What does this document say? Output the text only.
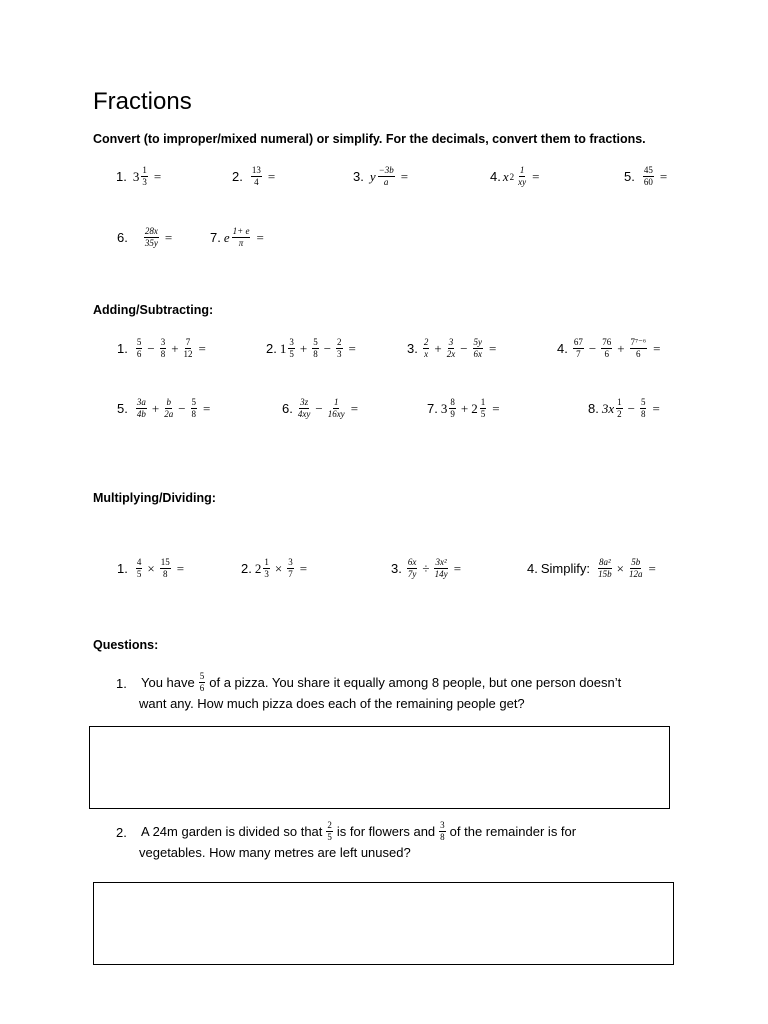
Fractions
Convert (to improper/mixed numeral) or simplify. For the decimals, convert them to fractions.
1. $3 \frac{1}{3}$ =	2. $\frac{13}{4}$ =	3. y $\frac{-3b}{a}$ =	4. x $2 \frac{1}{xy}$ =	5. $\frac{45}{60}$ =
6. $\frac{28x}{35y}$ =	7. e $\frac{1+ e}{\pi}$ =
Adding/Subtracting:
1. $\frac{5}{6} - \frac{3}{8} + \frac{7}{12}$ =	2. $1 \frac{3}{5} + \frac{5}{8} - \frac{2}{3}$ =	3. $\frac{2}{x} + \frac{3}{2x} - \frac{5y}{6x}$ =	4. $\frac{67}{7} - \frac{76}{6} + \frac{\text{7⁷⁻⁶}}{6}$ =
5. $\frac{3a}{4b} + \frac{b}{2a} - \frac{5}{8}$ =	6. $\frac{3z}{4xy} - \frac{1}{16xy}$ =	7. $3 \frac{8}{9} + 2 \frac{1}{5}$ =	8. $3x \frac{1}{2} - \frac{5}{8}$ =
Multiplying/Dividing:
1. $\frac{4}{5} \times \frac{15}{8}$ =	2. $2 \frac{1}{3} \times \frac{3}{7}$ =	3. $\frac{6x}{7y} \div \frac{\text{3x²}}{14y}$ =	4. Simplify: $\frac{\text{8a²}}{15b} \times \frac{5b}{12a}$ =
Questions:
1. You have $\frac{5}{6}$ of a pizza. You share it equally among 8 people, but one person doesn’t
want any. How much pizza does each of the remaining people get?
2. A 24m garden is divided so that $\frac{2}{5}$ is for flowers and $\frac{3}{8}$ of the remainder is for
vegetables. How many metres are left unused?
